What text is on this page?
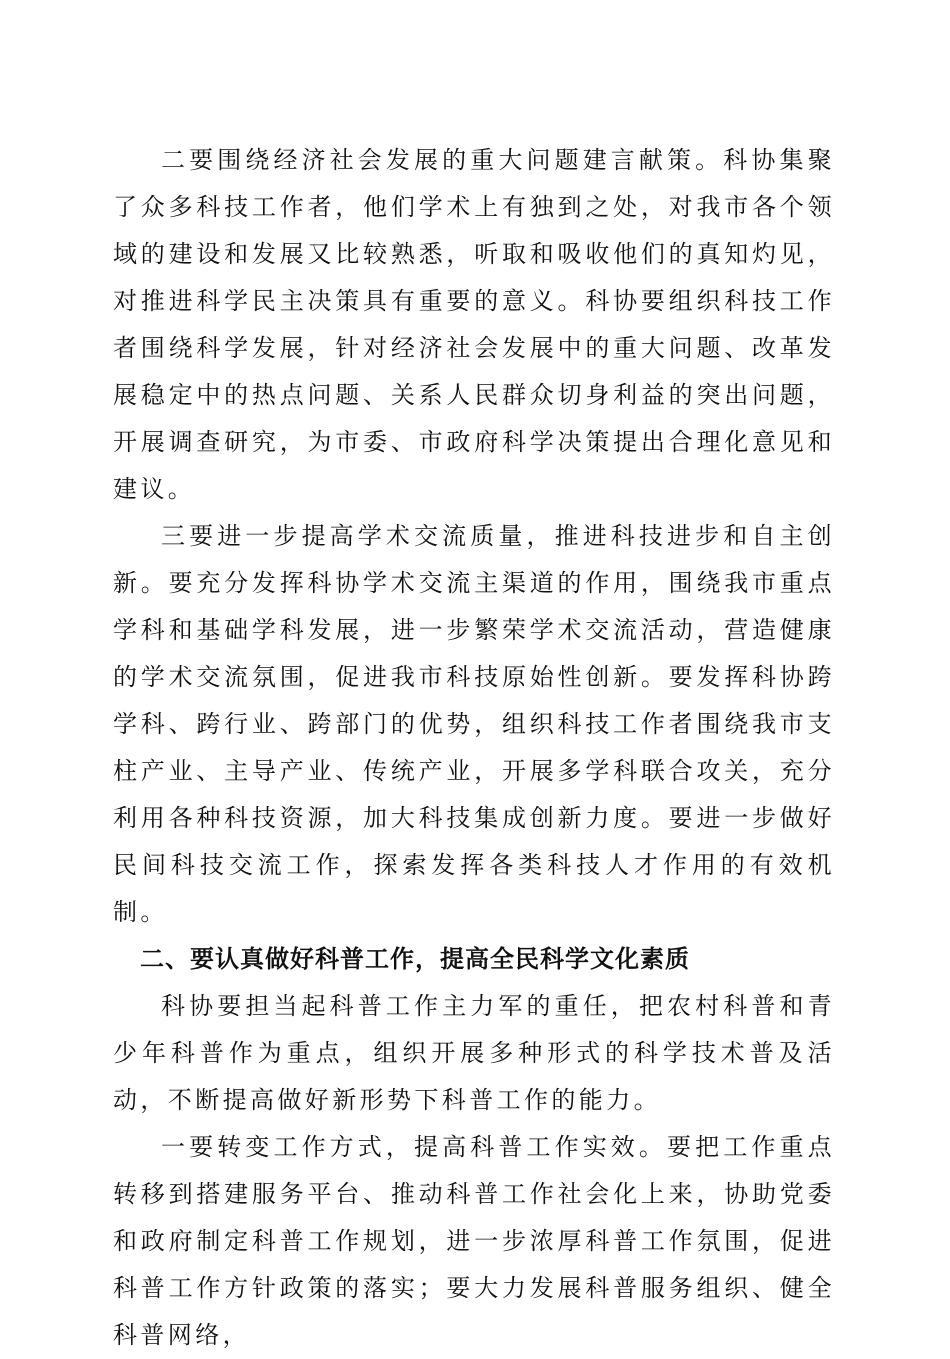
二要围绕经济社会发展的重大问题建言献策。科协集聚了众多科技工作者，他们学术上有独到之处，对我市各个领域的建设和发展又比较熟悉，听取和吸收他们的真知灼见，对推进科学民主决策具有重要的意义。科协要组织科技工作者围绕科学发展，针对经济社会发展中的重大问题、改革发展稳定中的热点问题、关系人民群众切身利益的突出问题，开展调查研究，为市委、市政府科学决策提出合理化意见和建议。

三要进一步提高学术交流质量，推进科技进步和自主创新。要充分发挥科协学术交流主渠道的作用，围绕我市重点学科和基础学科发展，进一步繁荣学术交流活动，营造健康的学术交流氛围，促进我市科技原始性创新。要发挥科协跨学科、跨行业、跨部门的优势，组织科技工作者围绕我市支柱产业、主导产业、传统产业，开展多学科联合攻关，充分利用各种科技资源，加大科技集成创新力度。要进一步做好民间科技交流工作，探索发挥各类科技人才作用的有效机制。

二、要认真做好科普工作，提高全民科学文化素质

科协要担当起科普工作主力军的重任，把农村科普和青少年科普作为重点，组织开展多种形式的科学技术普及活动，不断提高做好新形势下科普工作的能力。

一要转变工作方式，提高科普工作实效。要把工作重点转移到搭建服务平台、推动科普工作社会化上来，协助党委和政府制定科普工作规划，进一步浓厚科普工作氛围，促进科普工作方针政策的落实；要大力发展科普服务组织、健全科普网络，
